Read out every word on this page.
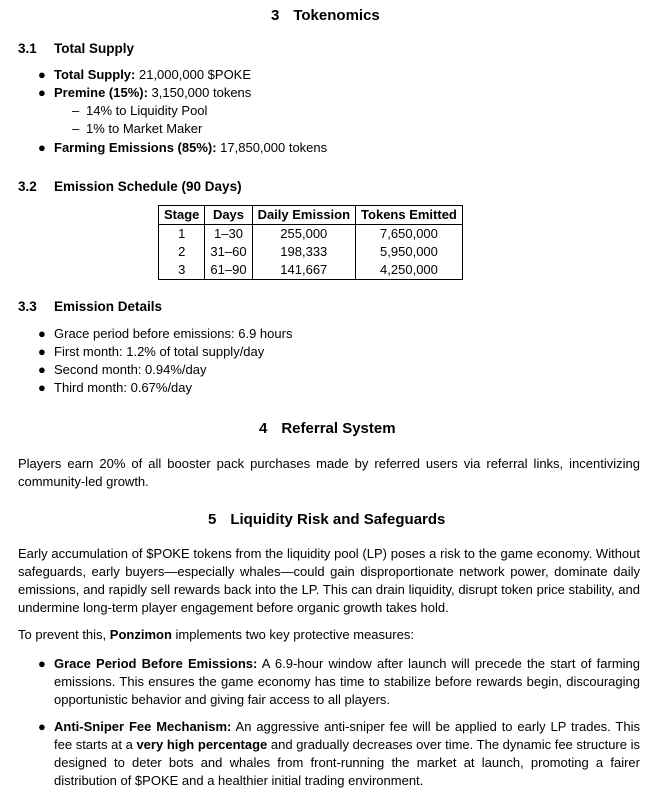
3 Tokenomics
3.1 Total Supply
● Total Supply: 21,000,000 $POKE
● Premine (15%): 3,150,000 tokens
– 14% to Liquidity Pool
– 1% to Market Maker
● Farming Emissions (85%): 17,850,000 tokens
3.2 Emission Schedule (90 Days)
Stage	Days	Daily Emission	Tokens Emitted
1	1–30	255,000	7,650,000
2	31–60	198,333	5,950,000
3	61–90	141,667	4,250,000
3.3 Emission Details
● Grace period before emissions: 6.9 hours
● First month: 1.2% of total supply/day
● Second month: 0.94%/day
● Third month: 0.67%/day
4 Referral System
Players earn 20% of all booster pack purchases made by referred users via referral links, incentivizing community-led growth.
5 Liquidity Risk and Safeguards
Early accumulation of $POKE tokens from the liquidity pool (LP) poses a risk to the game economy. Without safeguards, early buyers—especially whales—could gain disproportionate network power, dominate daily emissions, and rapidly sell rewards back into the LP. This can drain liquidity, disrupt token price stability, and undermine long-term player engagement before organic growth takes hold.
To prevent this, Ponzimon implements two key protective measures:
● Grace Period Before Emissions: A 6.9-hour window after launch will precede the start of farming emissions. This ensures the game economy has time to stabilize before rewards begin, discouraging opportunistic behavior and giving fair access to all players.
● Anti-Sniper Fee Mechanism: An aggressive anti-sniper fee will be applied to early LP trades. This fee starts at a very high percentage and gradually decreases over time. The dynamic fee structure is designed to deter bots and whales from front-running the market at launch, promoting a fairer distribution of $POKE and a healthier initial trading environment.
